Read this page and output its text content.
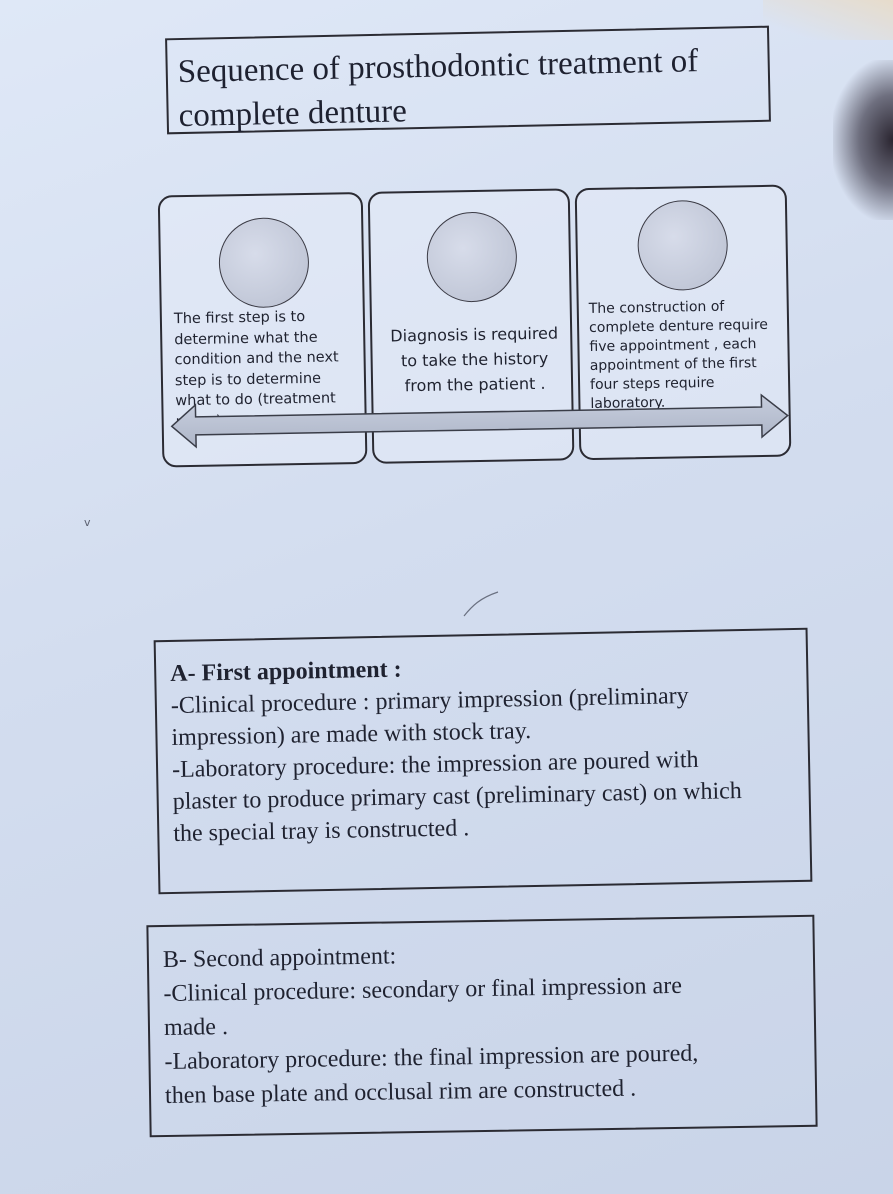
Sequence of prosthodontic treatment of
complete denture
The first step is to
determine what the
condition and the next
step is to determine
what to do (treatment
Diagnosis is required
to take the history
from the patient .
The construction of
complete denture require
five appointment , each
appointment of the first
four steps require
laboratory.
v
A- First appointment :
-Clinical procedure : primary impression (preliminary
impression) are made with stock tray.
-Laboratory procedure: the impression are poured with
plaster to produce primary cast (preliminary cast) on which
the special tray is constructed .
B- Second appointment:
-Clinical procedure: secondary or final impression are
made .
-Laboratory procedure: the final impression are poured,
then base plate and occlusal rim are constructed .
